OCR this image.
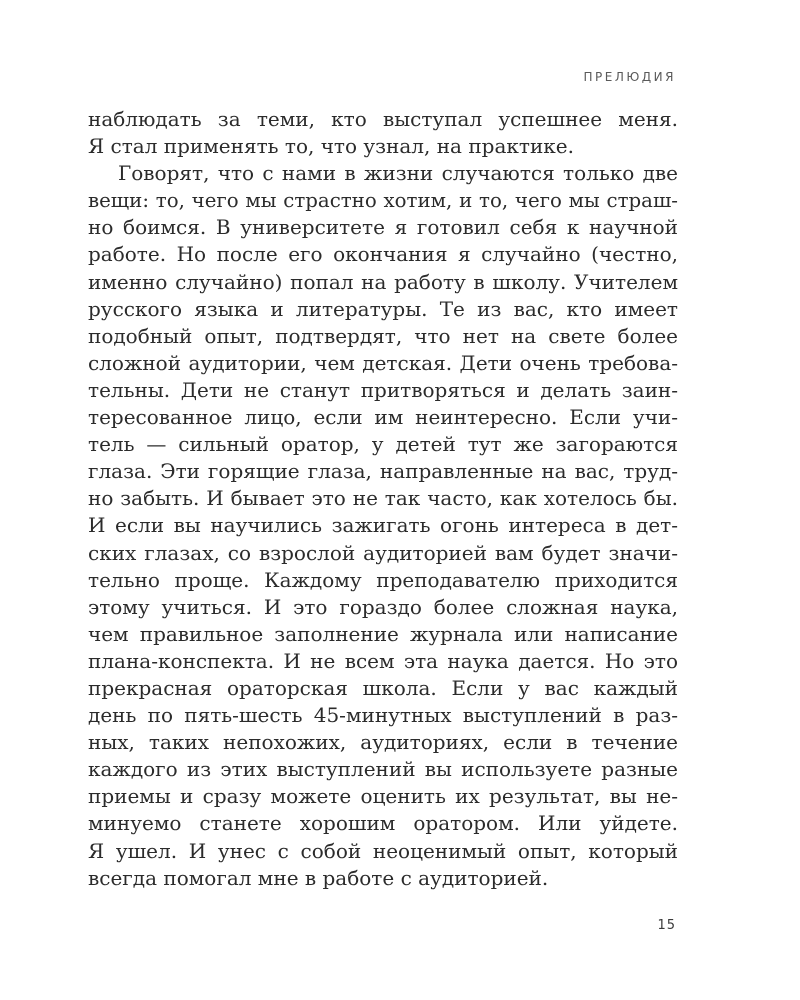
ПРЕЛЮДИЯ
наблюдать за теми, кто выступал успешнее меня.
Я стал применять то, что узнал, на практике.
Говорят, что с нами в жизни случаются только две
вещи: то, чего мы страстно хотим, и то, чего мы страш-
но боимся. В университете я готовил себя к научной
работе. Но после его окончания я случайно (честно,
именно случайно) попал на работу в школу. Учителем
русского языка и литературы. Те из вас, кто имеет
подобный опыт, подтвердят, что нет на свете более
сложной аудитории, чем детская. Дети очень требова-
тельны. Дети не станут притворяться и делать заин-
тересованное лицо, если им неинтересно. Если учи-
тель — сильный оратор, у детей тут же загораются
глаза. Эти горящие глаза, направленные на вас, труд-
но забыть. И бывает это не так часто, как хотелось бы.
И если вы научились зажигать огонь интереса в дет-
ских глазах, со взрослой аудиторией вам будет значи-
тельно проще. Каждому преподавателю приходится
этому учиться. И это гораздо более сложная наука,
чем правильное заполнение журнала или написание
плана-конспекта. И не всем эта наука дается. Но это
прекрасная ораторская школа. Если у вас каждый
день по пять-шесть 45-минутных выступлений в раз-
ных, таких непохожих, аудиториях, если в течение
каждого из этих выступлений вы используете разные
приемы и сразу можете оценить их результат, вы не-
минуемо станете хорошим оратором. Или уйдете.
Я ушел. И унес с собой неоценимый опыт, который
всегда помогал мне в работе с аудиторией.
15
